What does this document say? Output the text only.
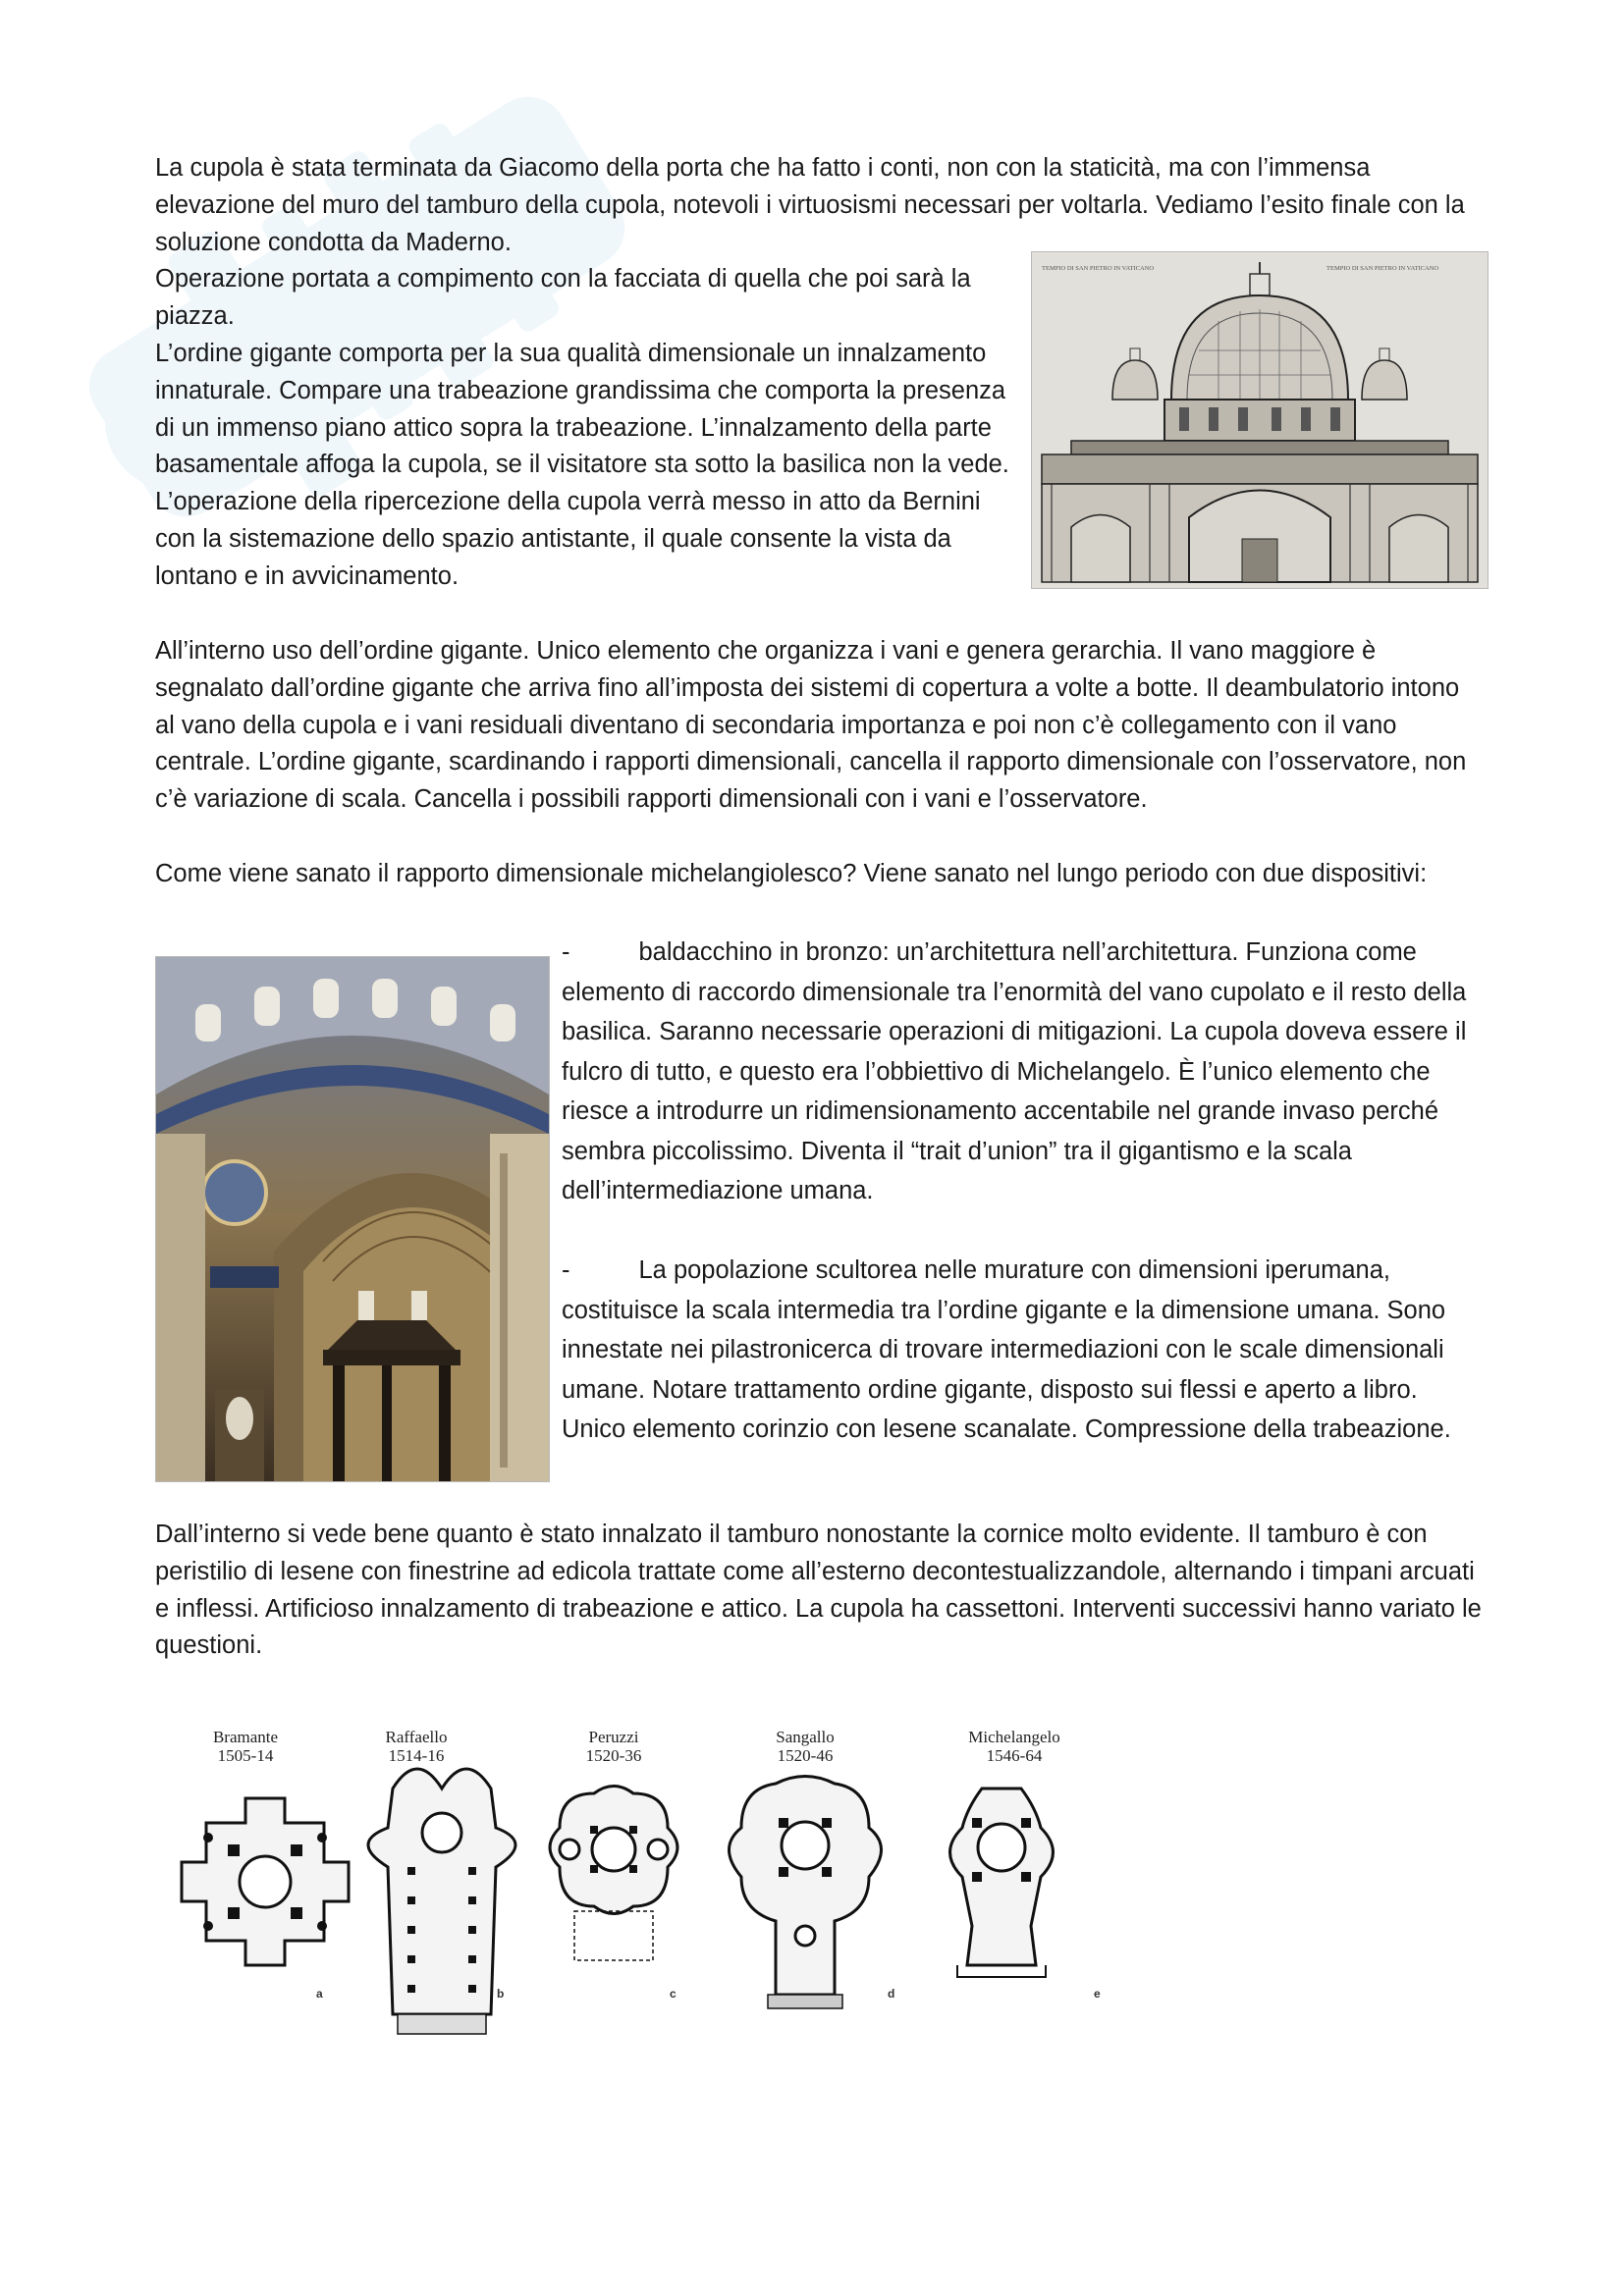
La cupola è stata terminata da Giacomo della porta che ha fatto i conti, non con la staticità, ma con l’immensa elevazione del muro del tamburo della cupola, notevoli i virtuosismi necessari per voltarla. Vediamo l’esito finale con la soluzione condotta da Maderno.

Operazione portata a compimento con la facciata di quella che poi sarà la piazza.

L’ordine gigante comporta per la sua qualità dimensionale un innalzamento innaturale. Compare una trabeazione grandissima che comporta la presenza di un immenso piano attico sopra la trabeazione. L’innalzamento della parte basamentale affoga la cupola, se il visitatore sta sotto la basilica non la vede. L’operazione della ripercezione della cupola verrà messo in atto da Bernini con la sistemazione dello spazio antistante, il quale consente la vista da lontano e in avvicinamento.

TEMPIO DI SAN PIETRO IN VATICANO	TEMPIO DI SAN PIETRO IN VATICANO

All’interno uso dell’ordine gigante. Unico elemento che organizza i vani e genera gerarchia. Il vano maggiore è segnalato dall’ordine gigante che arriva fino all’imposta dei sistemi di copertura a volte a botte. Il deambulatorio intono al vano della cupola e i vani residuali diventano di secondaria importanza e poi non c’è collegamento con il vano centrale. L’ordine gigante, scardinando i rapporti dimensionali, cancella il rapporto dimensionale con l’osservatore, non c’è variazione di scala. Cancella i possibili rapporti dimensionali con i vani e l’osservatore.

Come viene sanato il rapporto dimensionale michelangiolesco? Viene sanato nel lungo periodo con due dispositivi:

-	baldacchino in bronzo: un’architettura nell’architettura. Funziona come elemento di raccordo dimensionale tra l’enormità del vano cupolato e il resto della basilica. Saranno necessarie operazioni di mitigazioni. La cupola doveva essere il fulcro di tutto, e questo era l’obbiettivo di Michelangelo. È l’unico elemento che riesce a introdurre un ridimensionamento accentabile nel grande invaso perché sembra piccolissimo. Diventa il “trait d’union” tra il gigantismo e la scala dell’intermediazione umana.

-	La popolazione scultorea nelle murature con dimensioni iperumana, costituisce la scala intermedia tra l’ordine gigante e la dimensione umana. Sono innestate nei pilastronicerca di trovare intermediazioni con le scale dimensionali umane. Notare trattamento ordine gigante, disposto sui flessi e aperto a libro. Unico elemento corinzio con lesene scanalate. Compressione della trabeazione.

Dall’interno si vede bene quanto è stato innalzato il tamburo nonostante la cornice molto evidente. Il tamburo è con peristilio di lesene con finestrine ad edicola trattate come all’esterno decontestualizzandole, alternando i timpani arcuati e inflessi. Artificioso innalzamento di trabeazione e attico. La cupola ha cassettoni. Interventi successivi hanno variato le questioni.

Bramante
1505-14
Raffaello
1514-16
Peruzzi
1520-36
Sangallo
1520-46
Michelangelo
1546-64
a	b	c	d	e
